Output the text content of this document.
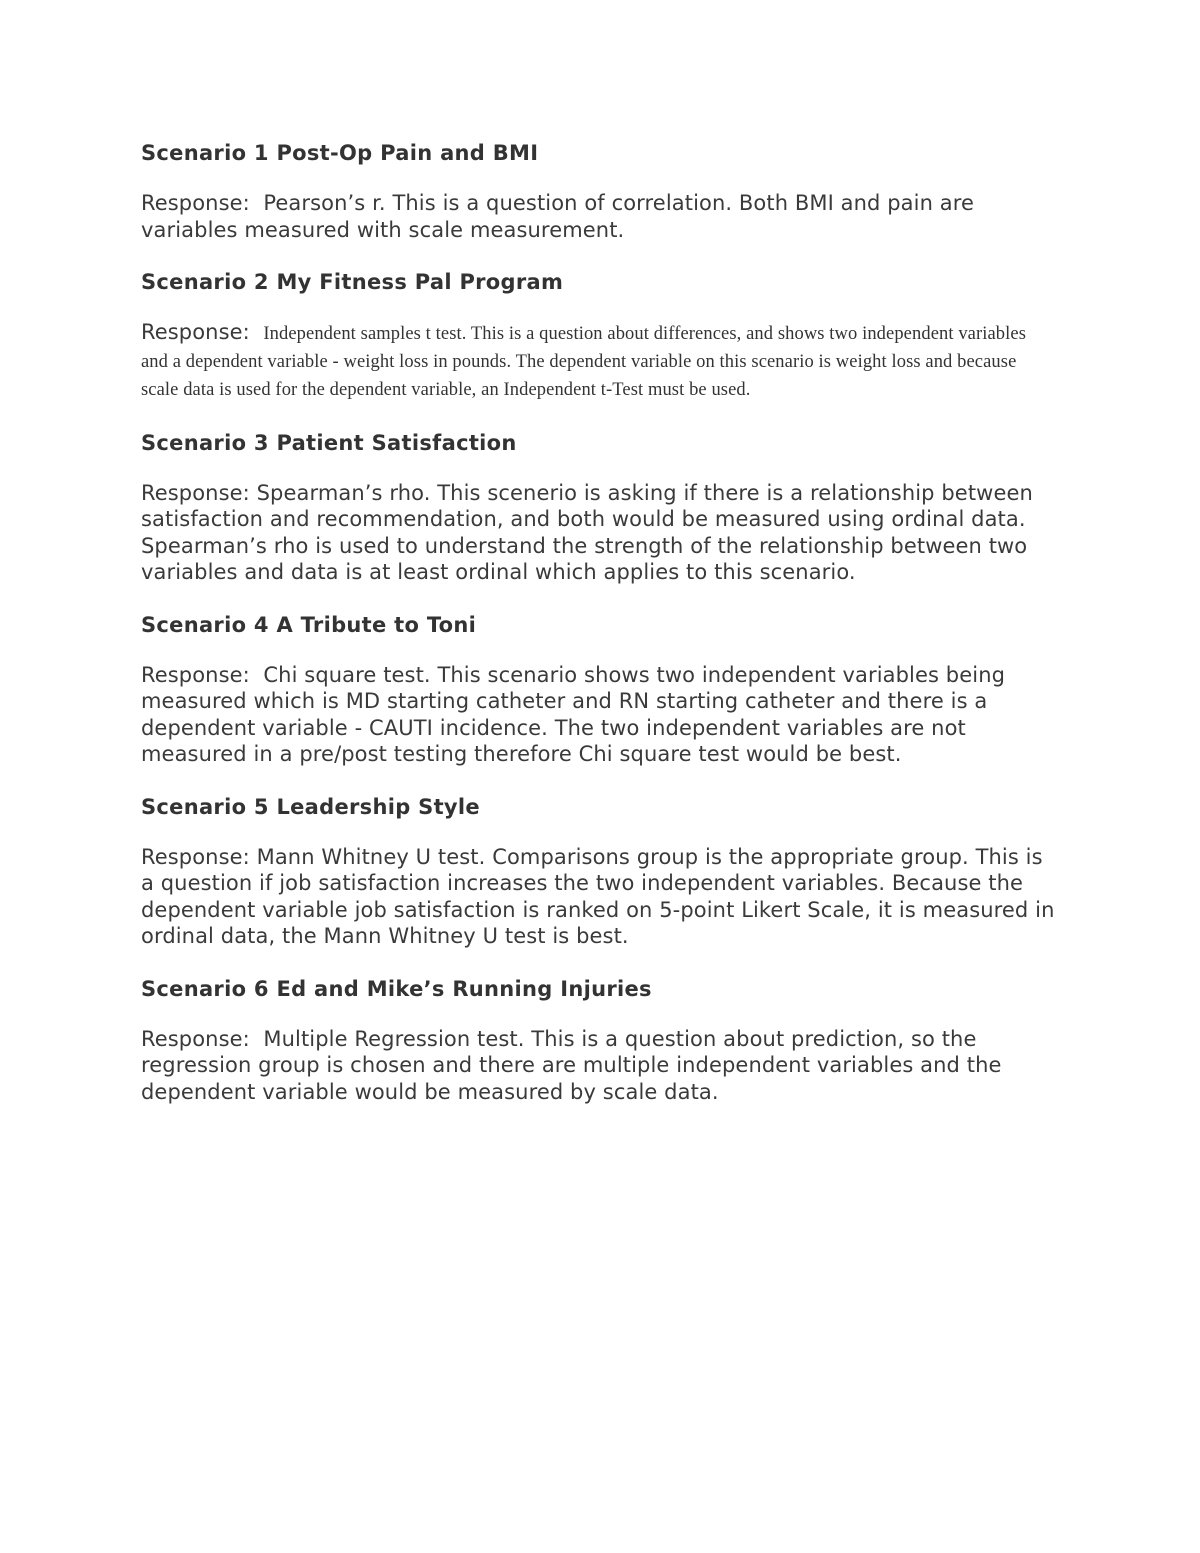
Scenario 1 Post-Op Pain and BMI

Response:  Pearson’s r. This is a question of correlation. Both BMI and pain are variables measured with scale measurement.

Scenario 2 My Fitness Pal Program

Response:  Independent samples t test. This is a question about differences, and shows two independent variables and a dependent variable - weight loss in pounds. The dependent variable on this scenario is weight loss and because scale data is used for the dependent variable, an Independent t-Test must be used.

Scenario 3 Patient Satisfaction

Response: Spearman’s rho. This scenerio is asking if there is a relationship between satisfaction and recommendation, and both would be measured using ordinal data. Spearman’s rho is used to understand the strength of the relationship between two variables and data is at least ordinal which applies to this scenario.

Scenario 4 A Tribute to Toni

Response:  Chi square test. This scenario shows two independent variables being measured which is MD starting catheter and RN starting catheter and there is a dependent variable - CAUTI incidence. The two independent variables are not measured in a pre/post testing therefore Chi square test would be best.

Scenario 5 Leadership Style

Response: Mann Whitney U test. Comparisons group is the appropriate group. This is a question if job satisfaction increases the two independent variables. Because the dependent variable job satisfaction is ranked on 5-point Likert Scale, it is measured in ordinal data, the Mann Whitney U test is best.

Scenario 6 Ed and Mike’s Running Injuries

Response:  Multiple Regression test. This is a question about prediction, so the regression group is chosen and there are multiple independent variables and the dependent variable would be measured by scale data.
